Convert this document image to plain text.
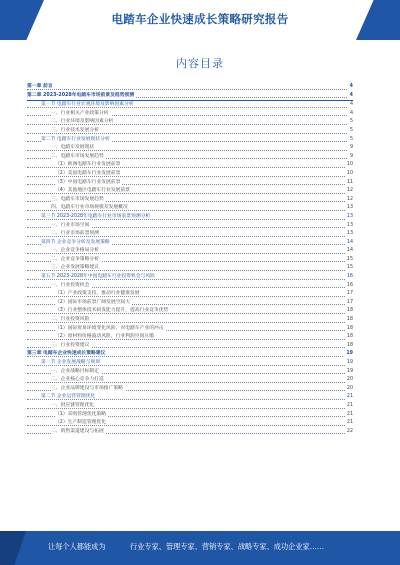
电踏车企业快速成长策略研究报告
内容目录
第一章 前言	4
第二章 2023-2028年电踏车市场前景及趋势预测	4
第一节 电踏车行业宏观环境及影响因素分析	4
一、行业相关产业政策分析	4
二、行业环境及影响因素分析	5
三、行业技术发展分析	5
第二节 电踏车行业发展现状分析	5
一、电踏车发展现状	9
二、电踏车市场发展趋势	9
（1）欧洲电踏车行业发展前景	10
（2）美国电踏车行业发展前景	10
（3）中国电踏车行业发展前景	11
（4）其他地区电踏车行业发展前景	12
三、电踏车市场发展趋势	12
四、电踏车行业市场规模及发展概况	13
第三节 2023-2028年电踏车行业市场前景预测分析	13
一、行业市场空间	13
二、行业市场前景预测	13
第四节 企业竞争分析及发展策略	14
一、企业竞争格局分析	14
二、企业竞争策略分析	15
三、企业发展策略建议	15
第五节 2023-2028年中国电踏车行业投资机会与风险	16
一、行业投资机会	16
（1）产业政策支持，推动行业健康发展	17
（2）国际市场前景广阔发展空间大	17
（3）行业整体技术研发能力提升，提高行业竞争优势	18
二、行业投资风险	18
（1）国际贸易环境变化风险，对电踏车产业的冲击	18
（2）原材料价格波动风险，行业利润空间压缩	18
三、行业投资建议	18
第三章 电踏车企业快速成长策略建议	19
第一节 企业发展战略与规划	19
一、企业战略目标制定	19
二、企业核心竞争力打造	20
三、企业品牌建设与市场推广策略	20
第二节 企业运营管理优化	21
一、供应链管理优化	21
（1）采购管理优化策略	21
（2）生产制造管理优化	21
二、销售渠道建设与拓展	22
让每个人都能成为	行业专家、管理专家、营销专家、战略专家、成功企业家……
